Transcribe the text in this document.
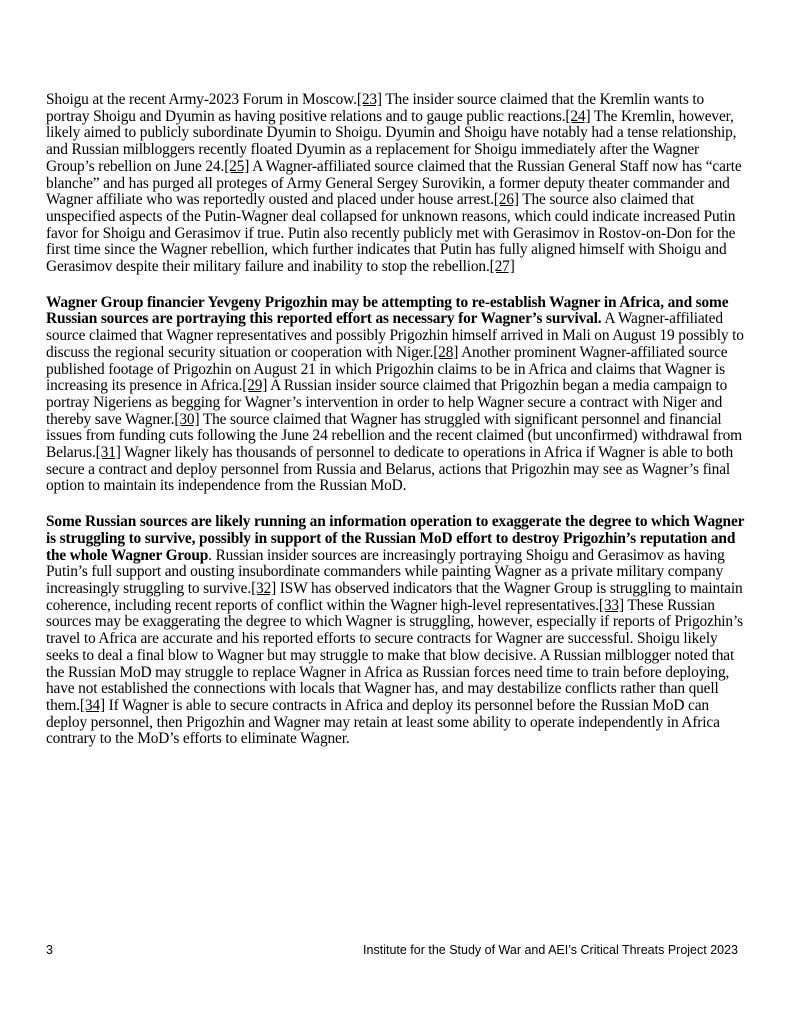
Shoigu at the recent Army-2023 Forum in Moscow.[23] The insider source claimed that the Kremlin wants to portray Shoigu and Dyumin as having positive relations and to gauge public reactions.[24] The Kremlin, however, likely aimed to publicly subordinate Dyumin to Shoigu. Dyumin and Shoigu have notably had a tense relationship, and Russian milbloggers recently floated Dyumin as a replacement for Shoigu immediately after the Wagner Group’s rebellion on June 24.[25] A Wagner-affiliated source claimed that the Russian General Staff now has “carte blanche” and has purged all proteges of Army General Sergey Surovikin, a former deputy theater commander and Wagner affiliate who was reportedly ousted and placed under house arrest.[26] The source also claimed that unspecified aspects of the Putin-Wagner deal collapsed for unknown reasons, which could indicate increased Putin favor for Shoigu and Gerasimov if true. Putin also recently publicly met with Gerasimov in Rostov-on-Don for the first time since the Wagner rebellion, which further indicates that Putin has fully aligned himself with Shoigu and Gerasimov despite their military failure and inability to stop the rebellion.[27]

Wagner Group financier Yevgeny Prigozhin may be attempting to re-establish Wagner in Africa, and some Russian sources are portraying this reported effort as necessary for Wagner’s survival. A Wagner-affiliated source claimed that Wagner representatives and possibly Prigozhin himself arrived in Mali on August 19 possibly to discuss the regional security situation or cooperation with Niger.[28] Another prominent Wagner-affiliated source published footage of Prigozhin on August 21 in which Prigozhin claims to be in Africa and claims that Wagner is increasing its presence in Africa.[29] A Russian insider source claimed that Prigozhin began a media campaign to portray Nigeriens as begging for Wagner’s intervention in order to help Wagner secure a contract with Niger and thereby save Wagner.[30] The source claimed that Wagner has struggled with significant personnel and financial issues from funding cuts following the June 24 rebellion and the recent claimed (but unconfirmed) withdrawal from Belarus.[31] Wagner likely has thousands of personnel to dedicate to operations in Africa if Wagner is able to both secure a contract and deploy personnel from Russia and Belarus, actions that Prigozhin may see as Wagner’s final option to maintain its independence from the Russian MoD.

Some Russian sources are likely running an information operation to exaggerate the degree to which Wagner is struggling to survive, possibly in support of the Russian MoD effort to destroy Prigozhin’s reputation and the whole Wagner Group. Russian insider sources are increasingly portraying Shoigu and Gerasimov as having Putin’s full support and ousting insubordinate commanders while painting Wagner as a private military company increasingly struggling to survive.[32] ISW has observed indicators that the Wagner Group is struggling to maintain coherence, including recent reports of conflict within the Wagner high-level representatives.[33] These Russian sources may be exaggerating the degree to which Wagner is struggling, however, especially if reports of Prigozhin’s travel to Africa are accurate and his reported efforts to secure contracts for Wagner are successful. Shoigu likely seeks to deal a final blow to Wagner but may struggle to make that blow decisive. A Russian milblogger noted that the Russian MoD may struggle to replace Wagner in Africa as Russian forces need time to train before deploying, have not established the connections with locals that Wagner has, and may destabilize conflicts rather than quell them.[34] If Wagner is able to secure contracts in Africa and deploy its personnel before the Russian MoD can deploy personnel, then Prigozhin and Wagner may retain at least some ability to operate independently in Africa contrary to the MoD’s efforts to eliminate Wagner.

3	Institute for the Study of War and AEI’s Critical Threats Project 2023
